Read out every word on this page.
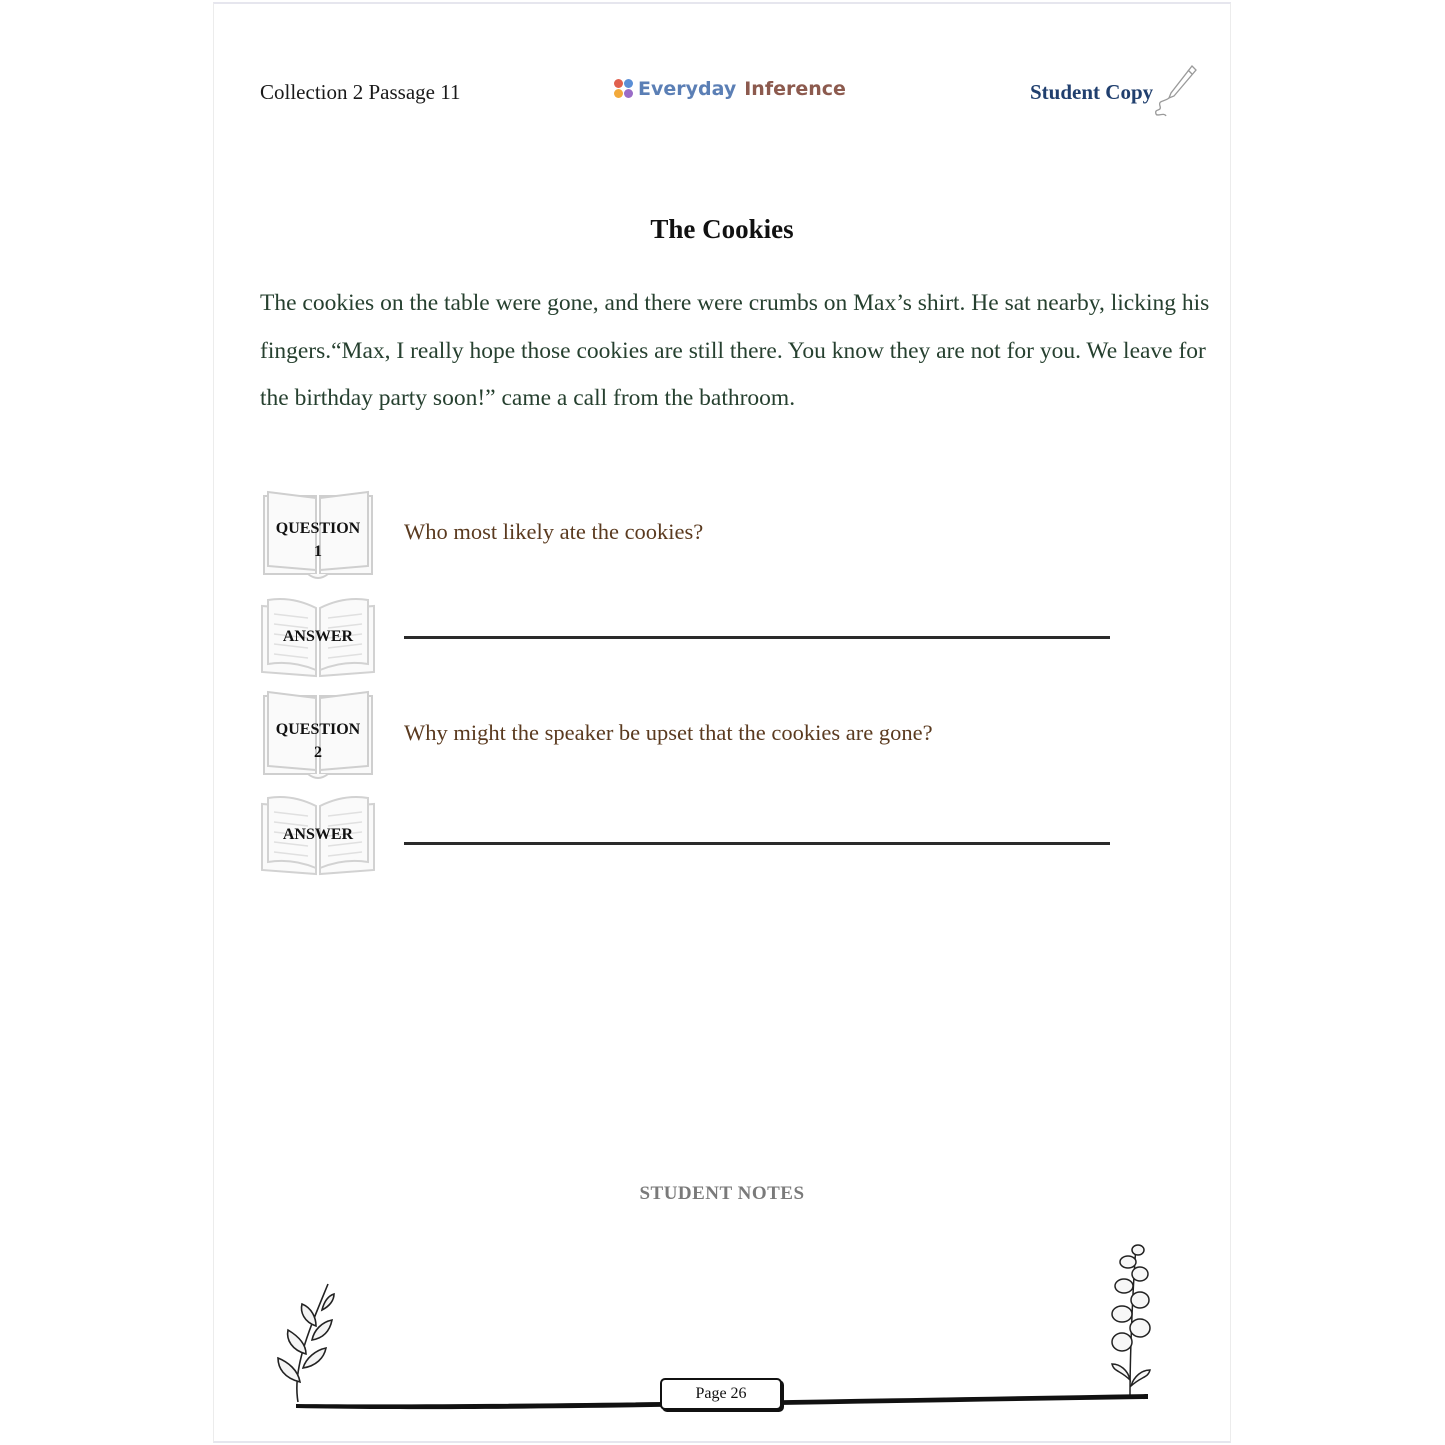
Collection 2 Passage 11	Everyday Inference	Student Copy
The Cookies
The cookies on the table were gone, and there were crumbs on Max’s shirt. He sat nearby, licking his fingers.“Max, I really hope those cookies are still there. You know they are not for you. We leave for the birthday party soon!” came a call from the bathroom.
QUESTION
1
Who most likely ate the cookies?
ANSWER
QUESTION
2
Why might the speaker be upset that the cookies are gone?
ANSWER
STUDENT NOTES
Page 26
